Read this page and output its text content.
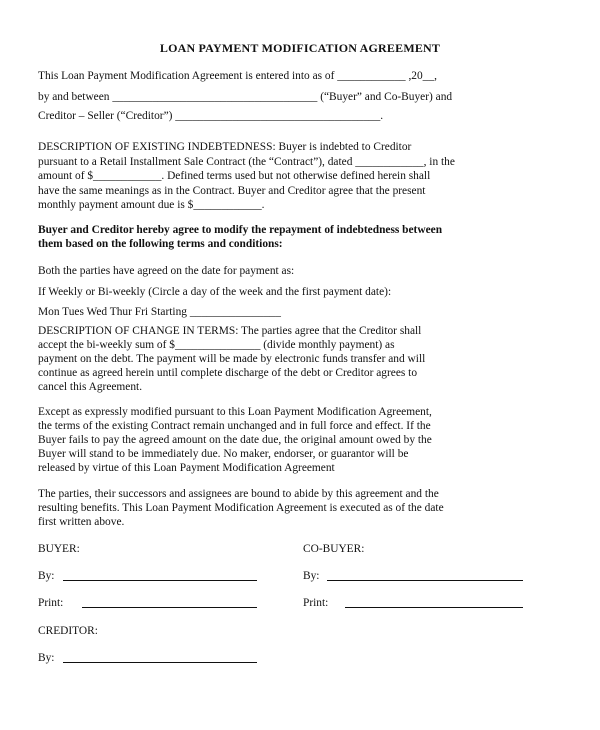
LOAN PAYMENT MODIFICATION AGREEMENT
This Loan Payment Modification Agreement is entered into as of ____________ ,20__,
by and between ____________________________________ (“Buyer” and Co-Buyer) and
Creditor – Seller (“Creditor”) ____________________________________.
DESCRIPTION OF EXISTING INDEBTEDNESS: Buyer is indebted to Creditor
pursuant to a Retail Installment Sale Contract (the “Contract”), dated ____________, in the
amount of $____________. Defined terms used but not otherwise defined herein shall
have the same meanings as in the Contract. Buyer and Creditor agree that the present
monthly payment amount due is $____________.
Buyer and Creditor hereby agree to modify the repayment of indebtedness between
them based on the following terms and conditions:
Both the parties have agreed on the date for payment as:
If Weekly or Bi-weekly (Circle a day of the week and the first payment date):
Mon Tues Wed Thur Fri Starting ________________
DESCRIPTION OF CHANGE IN TERMS: The parties agree that the Creditor shall
accept the bi-weekly sum of $_______________ (divide monthly payment) as
payment on the debt. The payment will be made by electronic funds transfer and will
continue as agreed herein until complete discharge of the debt or Creditor agrees to
cancel this Agreement.
Except as expressly modified pursuant to this Loan Payment Modification Agreement,
the terms of the existing Contract remain unchanged and in full force and effect. If the
Buyer fails to pay the agreed amount on the date due, the original amount owed by the
Buyer will stand to be immediately due. No maker, endorser, or guarantor will be
released by virtue of this Loan Payment Modification Agreement
The parties, their successors and assignees are bound to abide by this agreement and the
resulting benefits. This Loan Payment Modification Agreement is executed as of the date
first written above.
BUYER:	CO-BUYER:
By:	By:
Print:	Print:
CREDITOR:
By:
